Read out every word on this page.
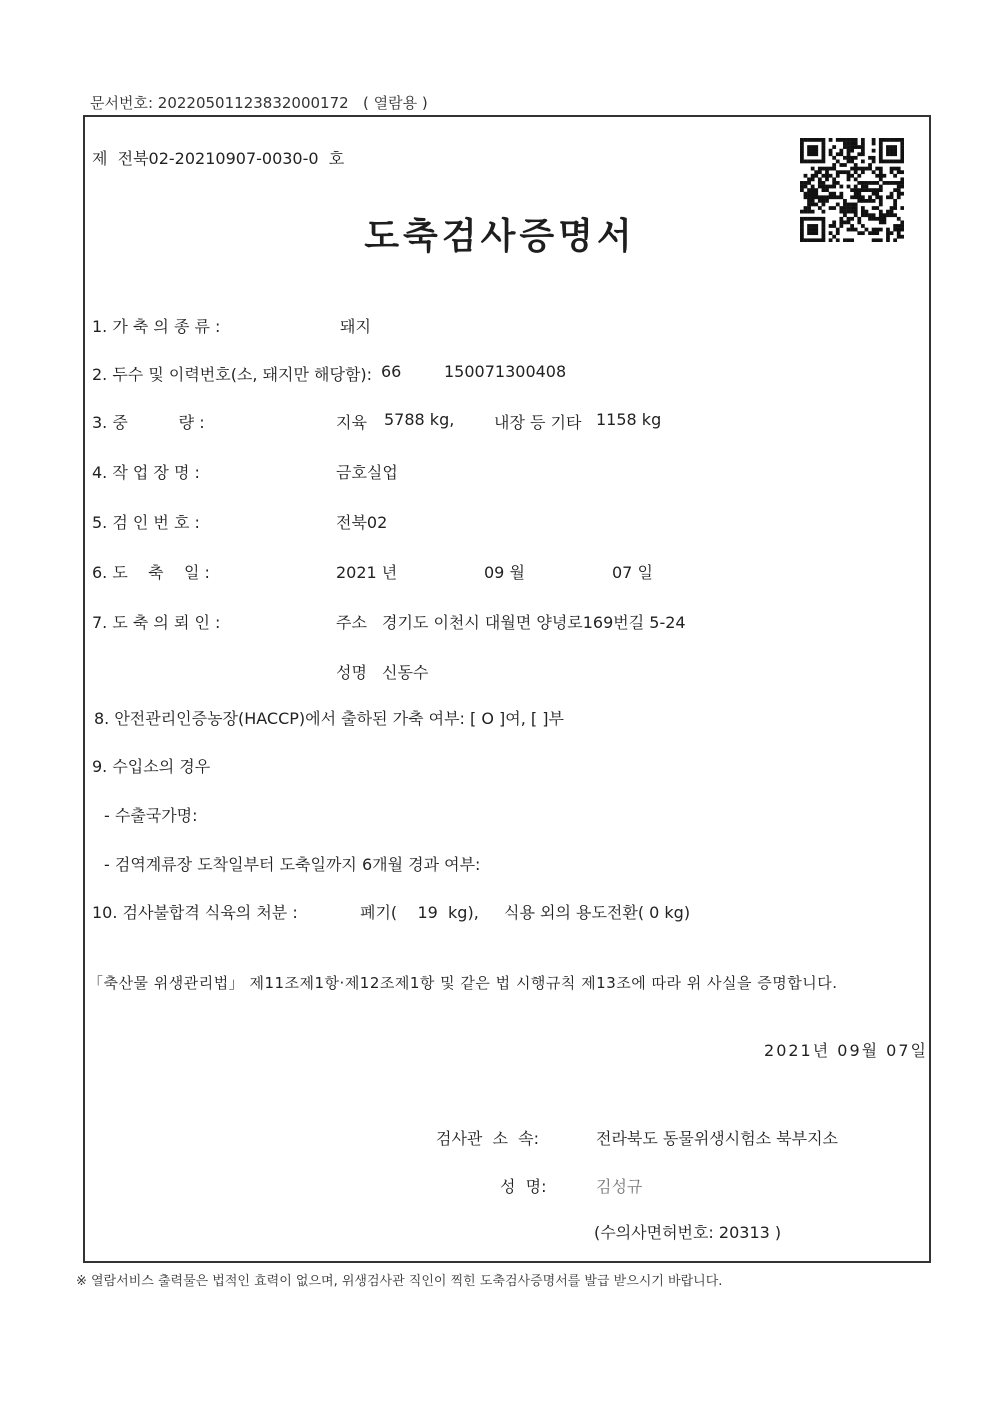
문서번호: 20220501123832000172 ( 열람용 )
제 전북02-20210907-0030-0 호
도축검사증명서
1. 가 축 의 종 류 :	돼지
2. 두수 및 이력번호(소, 돼지만 해당함): 66	150071300408
3. 중          량 :	지육 5788 kg, 내장 등 기타 1158 kg
4. 작 업 장 명 :	금호실업
5. 검 인 번 호 :	전북02
6. 도    축    일 :	2021 년	09 월	07 일
7. 도 축 의 뢰 인 :	주소 경기도 이천시 대월면 양녕로169번길 5-24
성명 신동수
8. 안전관리인증농장(HACCP)에서 출하된 가축 여부: [ O ]여, [ ]부
9. 수입소의 경우
- 수출국가명:
- 검역계류장 도착일부터 도축일까지 6개월 경과 여부:
10. 검사불합격 식육의 처분 :	폐기(    19  kg), 식용 외의 용도전환( 0 kg)
「축산물 위생관리법」 제11조제1항·제12조제1항 및 같은 법 시행규칙 제13조에 따라 위 사실을 증명합니다.
2021년 09월 07일
검사관  소  속:	전라북도 동물위생시험소 북부지소
성  명:	김성규
(수의사면허번호: 20313 )
※ 열람서비스 출력물은 법적인 효력이 없으며, 위생검사관 직인이 찍힌 도축검사증명서를 발급 받으시기 바랍니다.
